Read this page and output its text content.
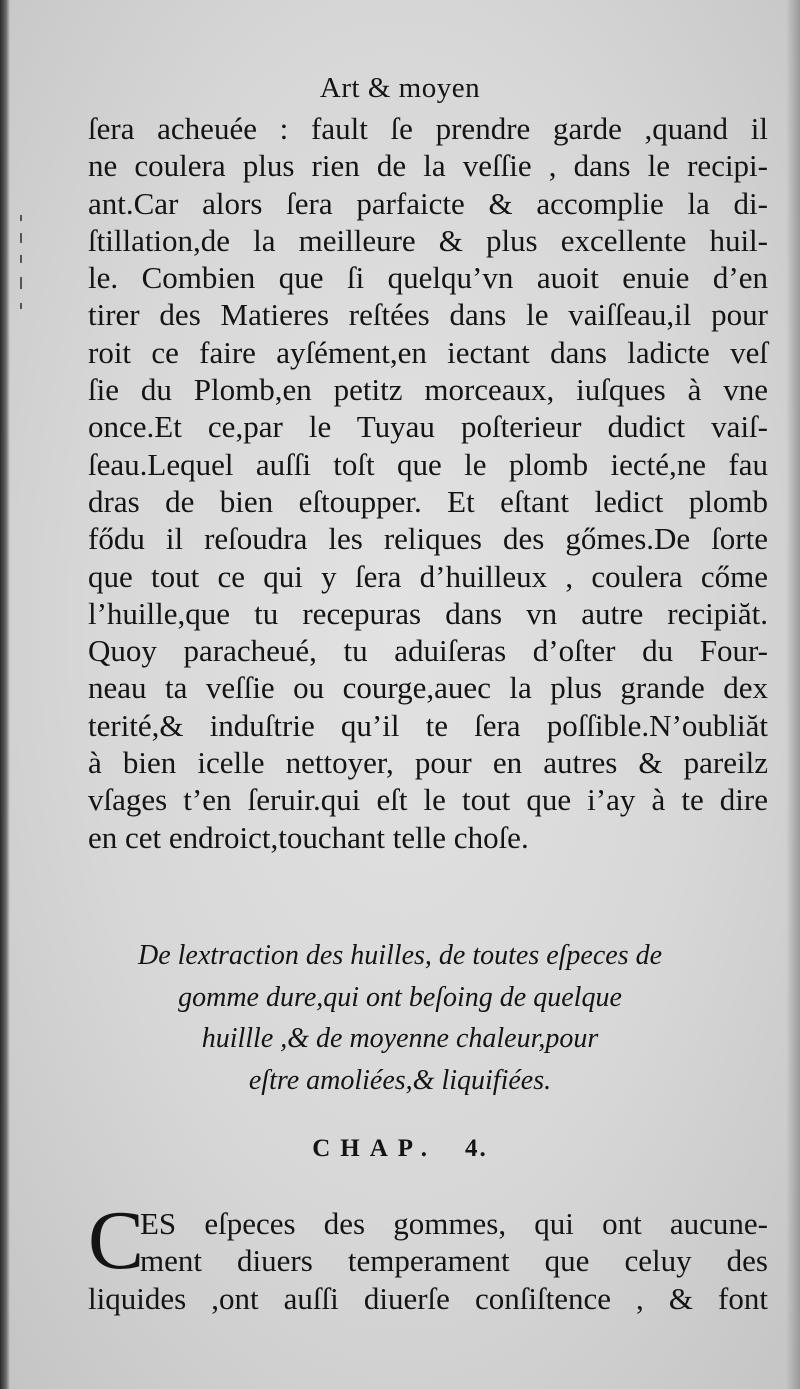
Art & moyen
ſera acheuée : fault ſe prendre garde ,quand il
ne coulera plus rien de la veſſie , dans le recipi-
ant.Car alors ſera parfaicte & accomplie la di-
ſtillation,de la meilleure & plus excellente huil-
le. Combien que ſi quelqu’vn auoit enuie d’en
tirer des Matieres reſtées dans le vaiſſeau,il pour
roit ce faire ayſément,en iectant dans ladicte veſ
ſie du Plomb,en petitz morceaux, iuſques à vne
once.Et ce,par le Tuyau poſterieur dudict vaiſ-
ſeau.Lequel auſſi toſt que le plomb iecté,ne fau
dras de bien eſtoupper. Et eſtant ledict plomb
fődu il reſoudra les reliques des gőmes.De ſorte
que tout ce qui y ſera d’huilleux , coulera cőme
l’huille,que tu recepuras dans vn autre recipiăt.
Quoy paracheué, tu aduiſeras d’oſter du Four-
neau ta veſſie ou courge,auec la plus grande dex
terité,& induſtrie qu’il te ſera poſſible.N’oubliăt
à bien icelle nettoyer, pour en autres & pareilz
vſages t’en ſeruir.qui eſt le tout que i’ay à te dire
en cet endroict,touchant telle choſe.
De lextraction des huilles, de toutes eſpeces de
gomme dure,qui ont beſoing de quelque
huillle ,& de moyenne chaleur,pour
eſtre amoliées,& liquifiées.
CHAP. 4.
C
ES eſpeces des gommes, qui ont aucune-
ment diuers temperament que celuy des
liquides ,ont auſſi diuerſe conſiſtence , & font
